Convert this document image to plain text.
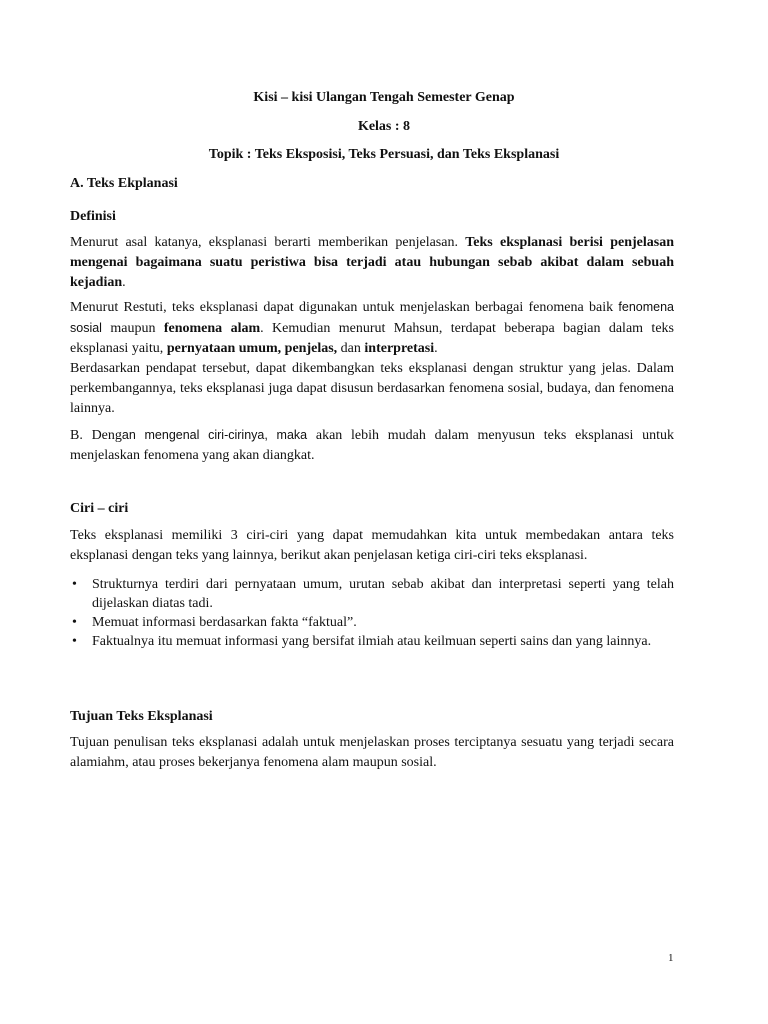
Kisi – kisi Ulangan Tengah Semester Genap
Kelas : 8
Topik : Teks Eksposisi, Teks Persuasi, dan Teks Eksplanasi
A. Teks Ekplanasi
Definisi

Menurut asal katanya, eksplanasi berarti memberikan penjelasan. Teks eksplanasi berisi penjelasan mengenai bagaimana suatu peristiwa bisa terjadi atau hubungan sebab akibat dalam sebuah kejadian.

Menurut Restuti, teks eksplanasi dapat digunakan untuk menjelaskan berbagai fenomena baik fenomena sosial maupun fenomena alam. Kemudian menurut Mahsun, terdapat beberapa bagian dalam teks eksplanasi yaitu, pernyataan umum, penjelas, dan interpretasi.

Berdasarkan pendapat tersebut, dapat dikembangkan teks eksplanasi dengan struktur yang jelas. Dalam perkembangannya, teks eksplanasi juga dapat disusun berdasarkan fenomena sosial, budaya, dan fenomena lainnya.

B. Dengan mengenal ciri-cirinya, maka akan lebih mudah dalam menyusun teks eksplanasi untuk menjelaskan fenomena yang akan diangkat.

Ciri – ciri

Teks eksplanasi memiliki 3 ciri-ciri yang dapat memudahkan kita untuk membedakan antara teks eksplanasi dengan teks yang lainnya, berikut akan penjelasan ketiga ciri-ciri teks eksplanasi.

• Strukturnya terdiri dari pernyataan umum, urutan sebab akibat dan interpretasi seperti yang telah dijelaskan diatas tadi.
• Memuat informasi berdasarkan fakta “faktual”.
• Faktualnya itu memuat informasi yang bersifat ilmiah atau keilmuan seperti sains dan yang lainnya.
Tujuan Teks Eksplanasi

Tujuan penulisan teks eksplanasi adalah untuk menjelaskan proses terciptanya sesuatu yang terjadi secara alamiahm, atau proses bekerjanya fenomena alam maupun sosial.

1
